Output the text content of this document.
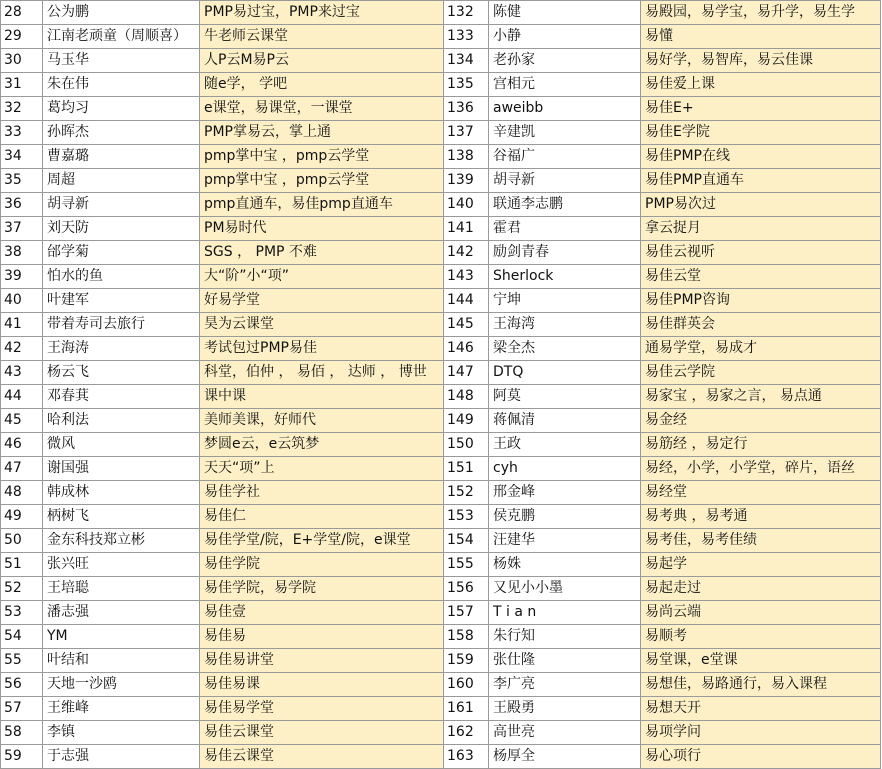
28	公为鹏	PMP易过宝，PMP来过宝	132	陈健	易殿园，易学宝，易升学，易生学
29	江南老顽童（周顺喜）	牛老师云课堂	133	小静	易懂
30	马玉华	人P云M易P云	134	老孙家	易好学，易智库，易云佳课
31	朱在伟	随e学， 学吧	135	宫相元	易佳爱上课
32	葛均习	e课堂，易课堂，一课堂	136	aweibb	易佳E+
33	孙晖杰	PMP掌易云，掌上通	137	辛建凯	易佳E学院
34	曹嘉璐	pmp掌中宝 ，pmp云学堂	138	谷福广	易佳PMP在线
35	周超	pmp掌中宝 ，pmp云学堂	139	胡寻新	易佳PMP直通车
36	胡寻新	pmp直通车，易佳pmp直通车	140	联通李志鹏	PMP易次过
37	刘天防	PM易时代	141	霍君	拿云捉月
38	邰学菊	SGS ， PMP 不难	142	励剑青春	易佳云视听
39	怕水的鱼	大“阶”小“项”	143	Sherlock	易佳云堂
40	叶建军	好易学堂	144	宁坤	易佳PMP咨询
41	带着寿司去旅行	昊为云课堂	145	王海湾	易佳群英会
42	王海涛	考试包过PMP易佳	146	梁全杰	通易学堂，易成才
43	杨云飞	科堂，伯仲 ， 易佰 ， 达师 ， 博世	147	DTQ	易佳云学院
44	邓春萁	课中课	148	阿莫	易家宝 ，易家之言， 易点通
45	哈利法	美师美课，好师代	149	蒋佩清	易金经
46	微风	梦圆e云，e云筑梦	150	王政	易筋经 ，易定行
47	谢国强	天天“项”上	151	cyh	易经，小学，小学堂，碎片，语丝
48	韩成林	易佳学社	152	邢金峰	易经堂
49	柄树飞	易佳仁	153	侯克鹏	易考典 ，易考通
50	金东科技郑立彬	易佳学堂/院，E+学堂/院，e课堂	154	汪建华	易考佳，易考佳绩
51	张兴旺	易佳学院	155	杨姝	易起学
52	王培聪	易佳学院，易学院	156	又见小小墨	易起走过
53	潘志强	易佳壹	157	T i a n	易尚云端
54	YM	易佳易	158	朱行知	易顺考
55	叶结和	易佳易讲堂	159	张仕隆	易堂课，e堂课
56	天地一沙鸥	易佳易课	160	李广亮	易想佳，易路通行，易入课程
57	王维峰	易佳易学堂	161	王殿勇	易想天开
58	李镇	易佳云课堂	162	高世亮	易项学问
59	于志强	易佳云课堂	163	杨厚全	易心项行
